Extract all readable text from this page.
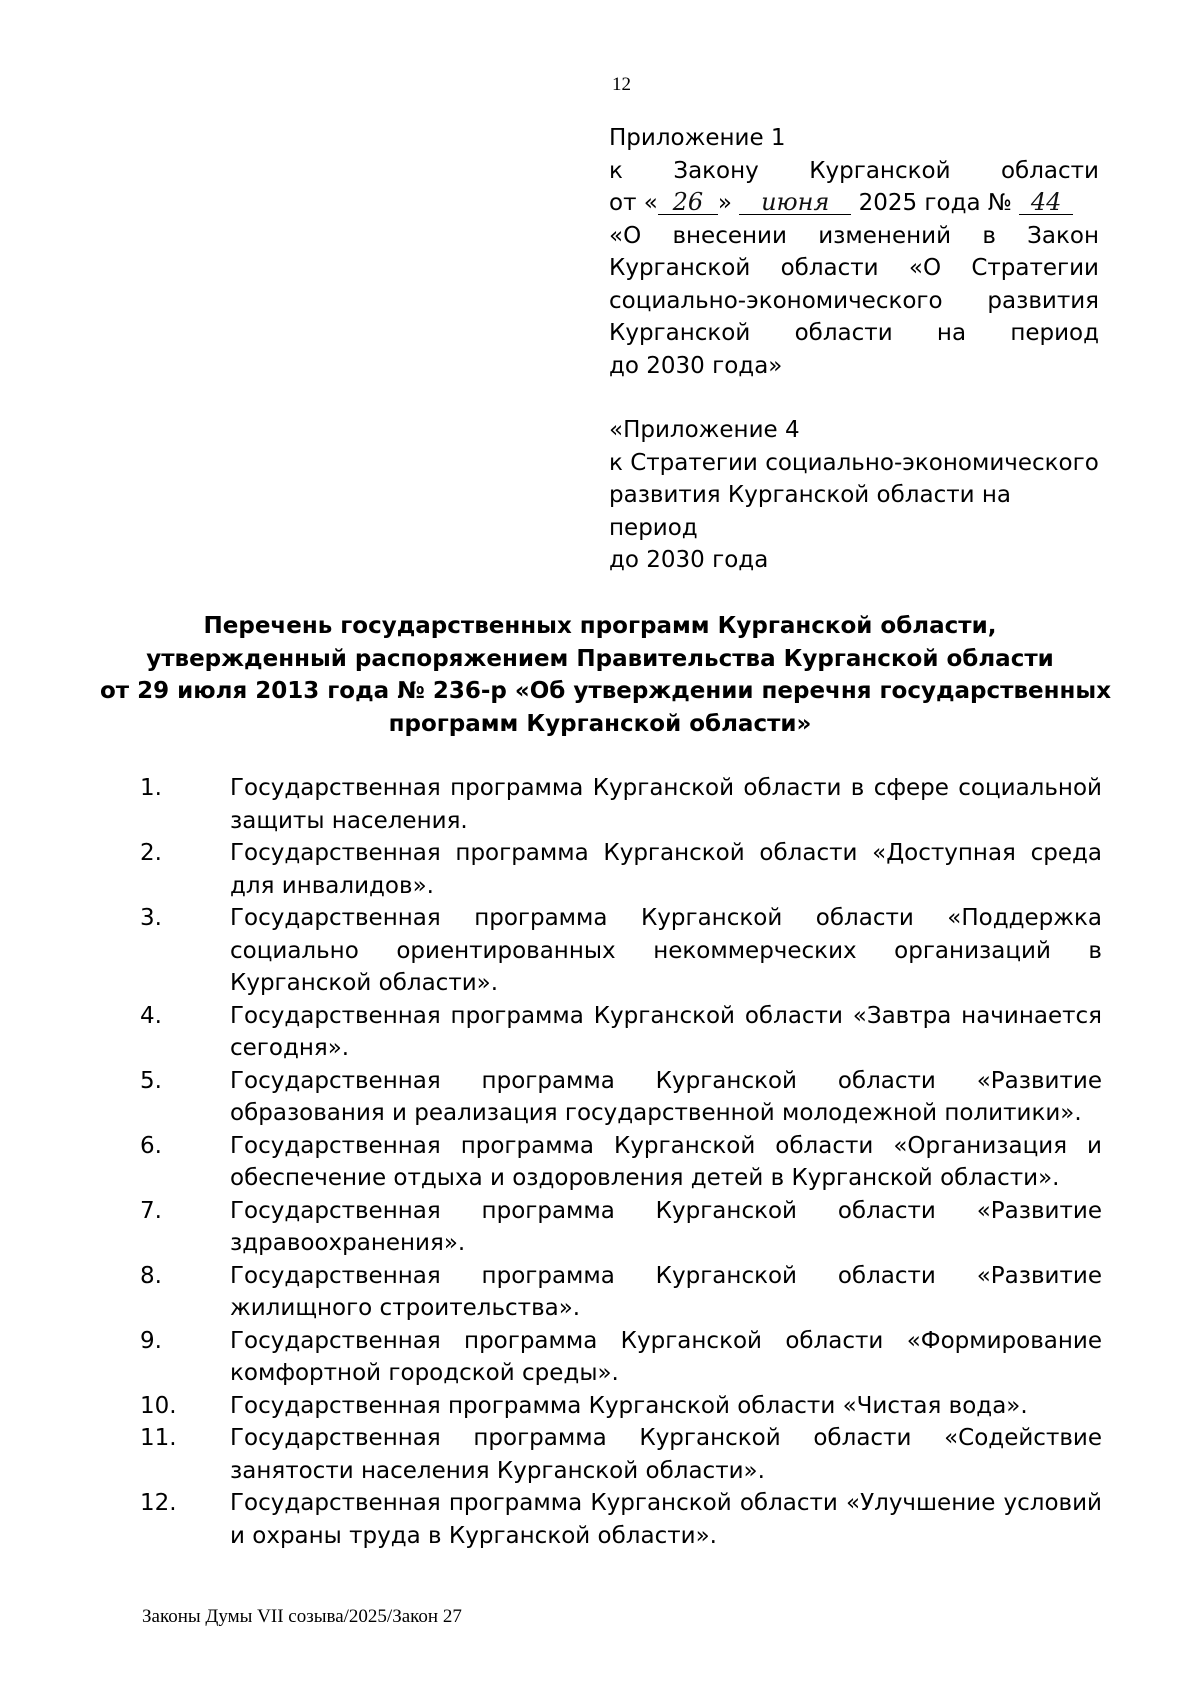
12

Приложение 1

к Закону Курганской области

от « 26 » июня 2025 года № 44

«О внесении изменений в Закон

Курганской области «О Стратегии

социально-экономического развития

Курганской области на период

до 2030 года»

«Приложение 4

к Стратегии социально-экономического

развития Курганской области на период

до 2030 года

Перечень государственных программ Курганской области,
утвержденный распоряжением Правительства Курганской области
от 29 июля 2013 года № 236-р «Об утверждении перечня государственных
программ Курганской области»
1.	Государственная программа Курганской области в сфере социальной защиты населения.
2.	Государственная программа Курганской области «Доступная среда для инвалидов».
3.	Государственная программа Курганской области «Поддержка социально ориентированных некоммерческих организаций в Курганской области».
4.	Государственная программа Курганской области «Завтра начинается сегодня».
5.	Государственная программа Курганской области «Развитие образования и реализация государственной молодежной политики».
6.	Государственная программа Курганской области «Организация и обеспечение отдыха и оздоровления детей в Курганской области».
7.	Государственная программа Курганской области «Развитие здравоохранения».
8.	Государственная программа Курганской области «Развитие жилищного строительства».
9.	Государственная программа Курганской области «Формирование комфортной городской среды».
10. Государственная программа Курганской области «Чистая вода».
11. Государственная программа Курганской области «Содействие занятости населения Курганской области».
12. Государственная программа Курганской области «Улучшение условий и охраны труда в Курганской области».
Законы Думы VII созыва/2025/Закон 27
